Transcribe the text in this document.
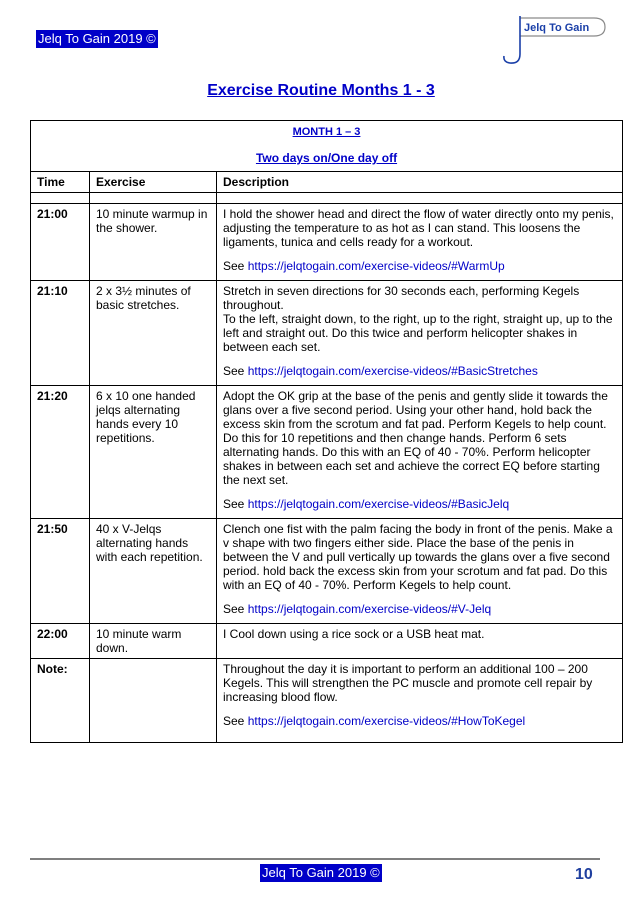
Jelq To Gain 2019 ©
Jelq To Gain
Exercise Routine Months 1 - 3
MONTH 1 – 3
Two days on/One day off		

Time	Exercise	Description

21:00	10 minute warmup in the shower.	I hold the shower head and direct the flow of water directly onto my penis, adjusting the temperature to as hot as I can stand. This loosens the ligaments, tunica and cells ready for a workout.

See https://jelqtogain.com/exercise-videos/#WarmUp

21:10	2 x 3½ minutes of basic stretches.	Stretch in seven directions for 30 seconds each, performing Kegels throughout.

To the left, straight down, to the right, up to the right, straight up, up to the left and straight out. Do this twice and perform helicopter shakes in between each set.

See https://jelqtogain.com/exercise-videos/#BasicStretches

21:20	6 x 10 one handed jelqs alternating hands every 10 repetitions.	Adopt the OK grip at the base of the penis and gently slide it towards the glans over a five second period. Using your other hand, hold back the excess skin from the scrotum and fat pad. Perform Kegels to help count. Do this for 10 repetitions and then change hands. Perform 6 sets alternating hands. Do this with an EQ of 40 - 70%. Perform helicopter shakes in between each set and achieve the correct EQ before starting the next set.

See https://jelqtogain.com/exercise-videos/#BasicJelq

21:50	40 x V-Jelqs alternating hands with each repetition.	Clench one fist with the palm facing the body in front of the penis. Make a v shape with two fingers either side. Place the base of the penis in between the V and pull vertically up towards the glans over a five second period. hold back the excess skin from your scrotum and fat pad. Do this with an EQ of 40 - 70%. Perform Kegels to help count.

See https://jelqtogain.com/exercise-videos/#V-Jelq

22:00	10 minute warm down.	I Cool down using a rice sock or a USB heat mat.

Note:		Throughout the day it is important to perform an additional 100 – 200 Kegels. This will strengthen the PC muscle and promote cell repair by increasing blood flow.

See https://jelqtogain.com/exercise-videos/#HowToKegel

Jelq To Gain 2019 ©	10
